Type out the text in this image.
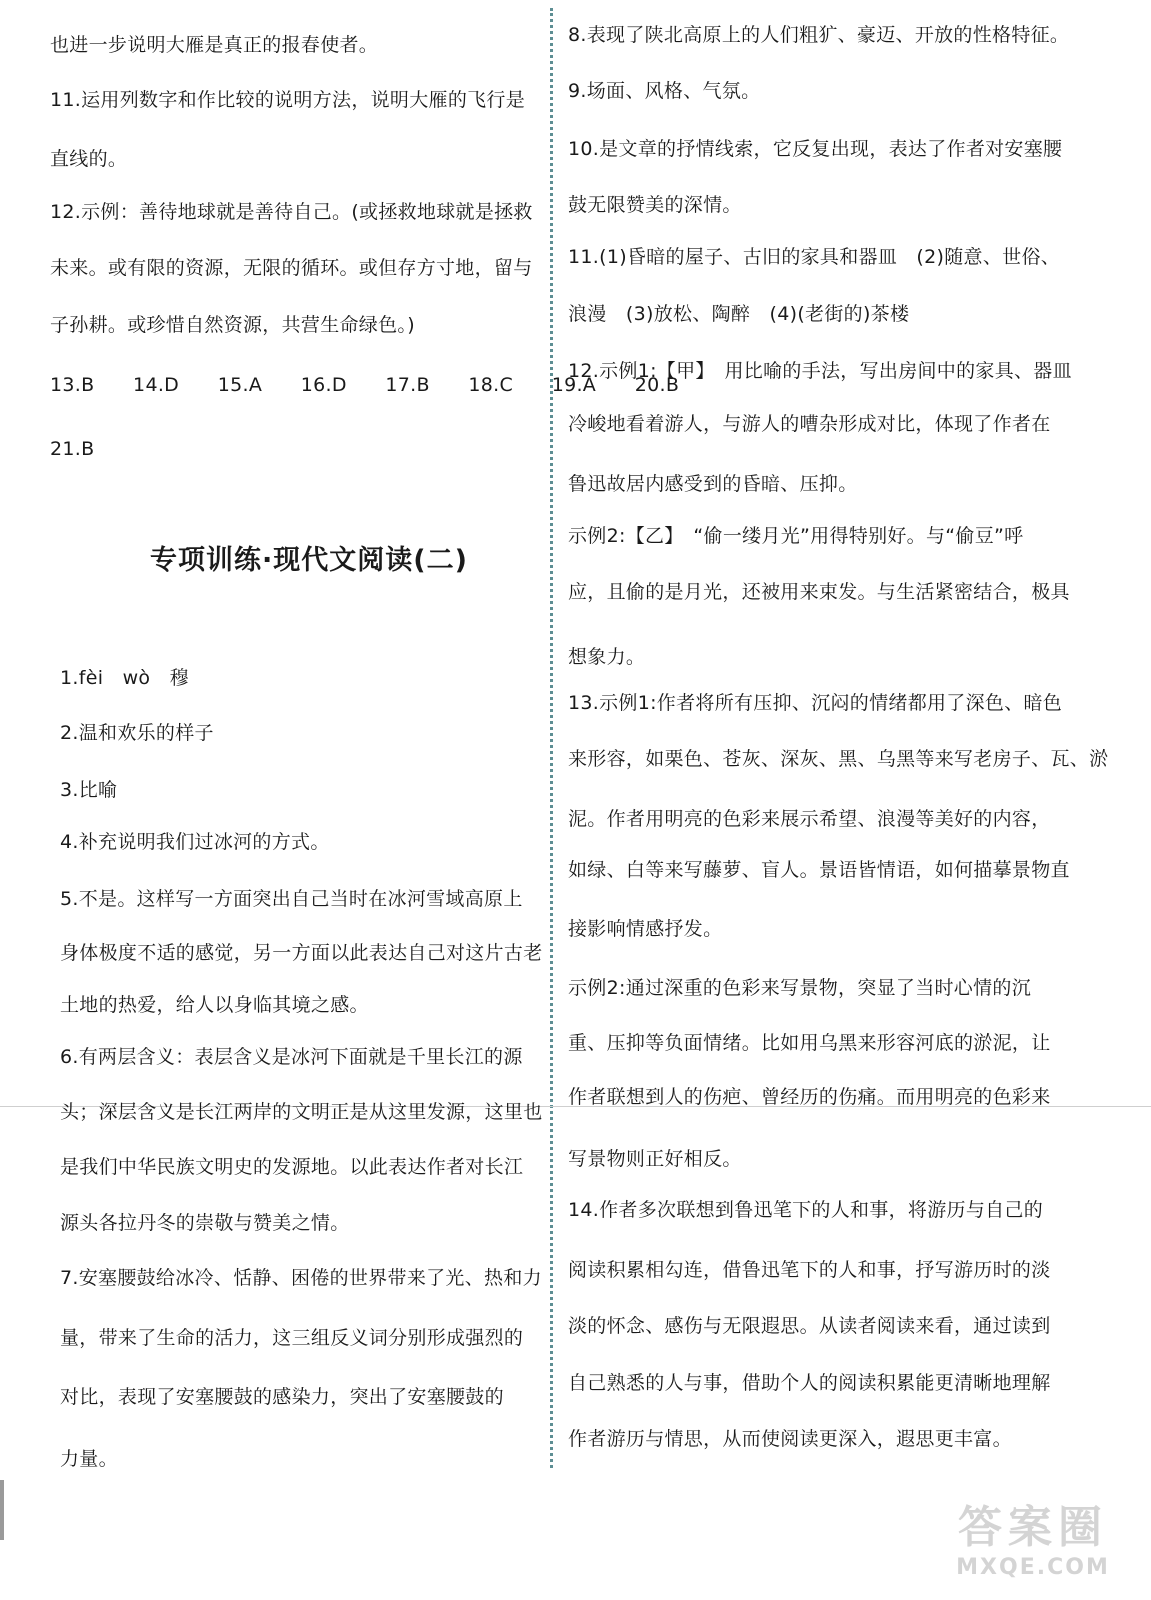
也进一步说明大雁是真正的报春使者。
11.运用列数字和作比较的说明方法，说明大雁的飞行是
直线的。
12.示例：善待地球就是善待自己。(或拯救地球就是拯救
未来。或有限的资源，无限的循环。或但存方寸地，留与
子孙耕。或珍惜自然资源，共营生命绿色。)
13.B　　14.D　　15.A　　16.D　　17.B　　18.C　　19.A　　20.B
21.B
专项训练·现代文阅读(二)
1.fèi　wò　穆
2.温和欢乐的样子
3.比喻
4.补充说明我们过冰河的方式。
5.不是。这样写一方面突出自己当时在冰河雪域高原上
身体极度不适的感觉，另一方面以此表达自己对这片古老
土地的热爱，给人以身临其境之感。
6.有两层含义：表层含义是冰河下面就是千里长江的源
头；深层含义是长江两岸的文明正是从这里发源，这里也
是我们中华民族文明史的发源地。以此表达作者对长江
源头各拉丹冬的崇敬与赞美之情。
7.安塞腰鼓给冰冷、恬静、困倦的世界带来了光、热和力
量，带来了生命的活力，这三组反义词分别形成强烈的
对比，表现了安塞腰鼓的感染力，突出了安塞腰鼓的
力量。
8.表现了陕北高原上的人们粗犷、豪迈、开放的性格特征。
9.场面、风格、气氛。
10.是文章的抒情线索，它反复出现，表达了作者对安塞腰
鼓无限赞美的深情。
11.(1)昏暗的屋子、古旧的家具和器皿　(2)随意、世俗、
浪漫　(3)放松、陶醉　(4)(老街的)茶楼
12.示例1:【甲】　用比喻的手法，写出房间中的家具、器皿
冷峻地看着游人，与游人的嘈杂形成对比，体现了作者在
鲁迅故居内感受到的昏暗、压抑。
示例2:【乙】　“偷一缕月光”用得特别好。与“偷豆”呼
应，且偷的是月光，还被用来束发。与生活紧密结合，极具
想象力。
13.示例1:作者将所有压抑、沉闷的情绪都用了深色、暗色
来形容，如栗色、苍灰、深灰、黑、乌黑等来写老房子、瓦、淤
泥。作者用明亮的色彩来展示希望、浪漫等美好的内容，
如绿、白等来写藤萝、盲人。景语皆情语，如何描摹景物直
接影响情感抒发。
示例2:通过深重的色彩来写景物，突显了当时心情的沉
重、压抑等负面情绪。比如用乌黑来形容河底的淤泥，让
作者联想到人的伤疤、曾经历的伤痛。而用明亮的色彩来
写景物则正好相反。
14.作者多次联想到鲁迅笔下的人和事，将游历与自己的
阅读积累相勾连，借鲁迅笔下的人和事，抒写游历时的淡
淡的怀念、感伤与无限遐思。从读者阅读来看，通过读到
自己熟悉的人与事，借助个人的阅读积累能更清晰地理解
作者游历与情思，从而使阅读更深入，遐思更丰富。
答案圈
MXQE.COM
